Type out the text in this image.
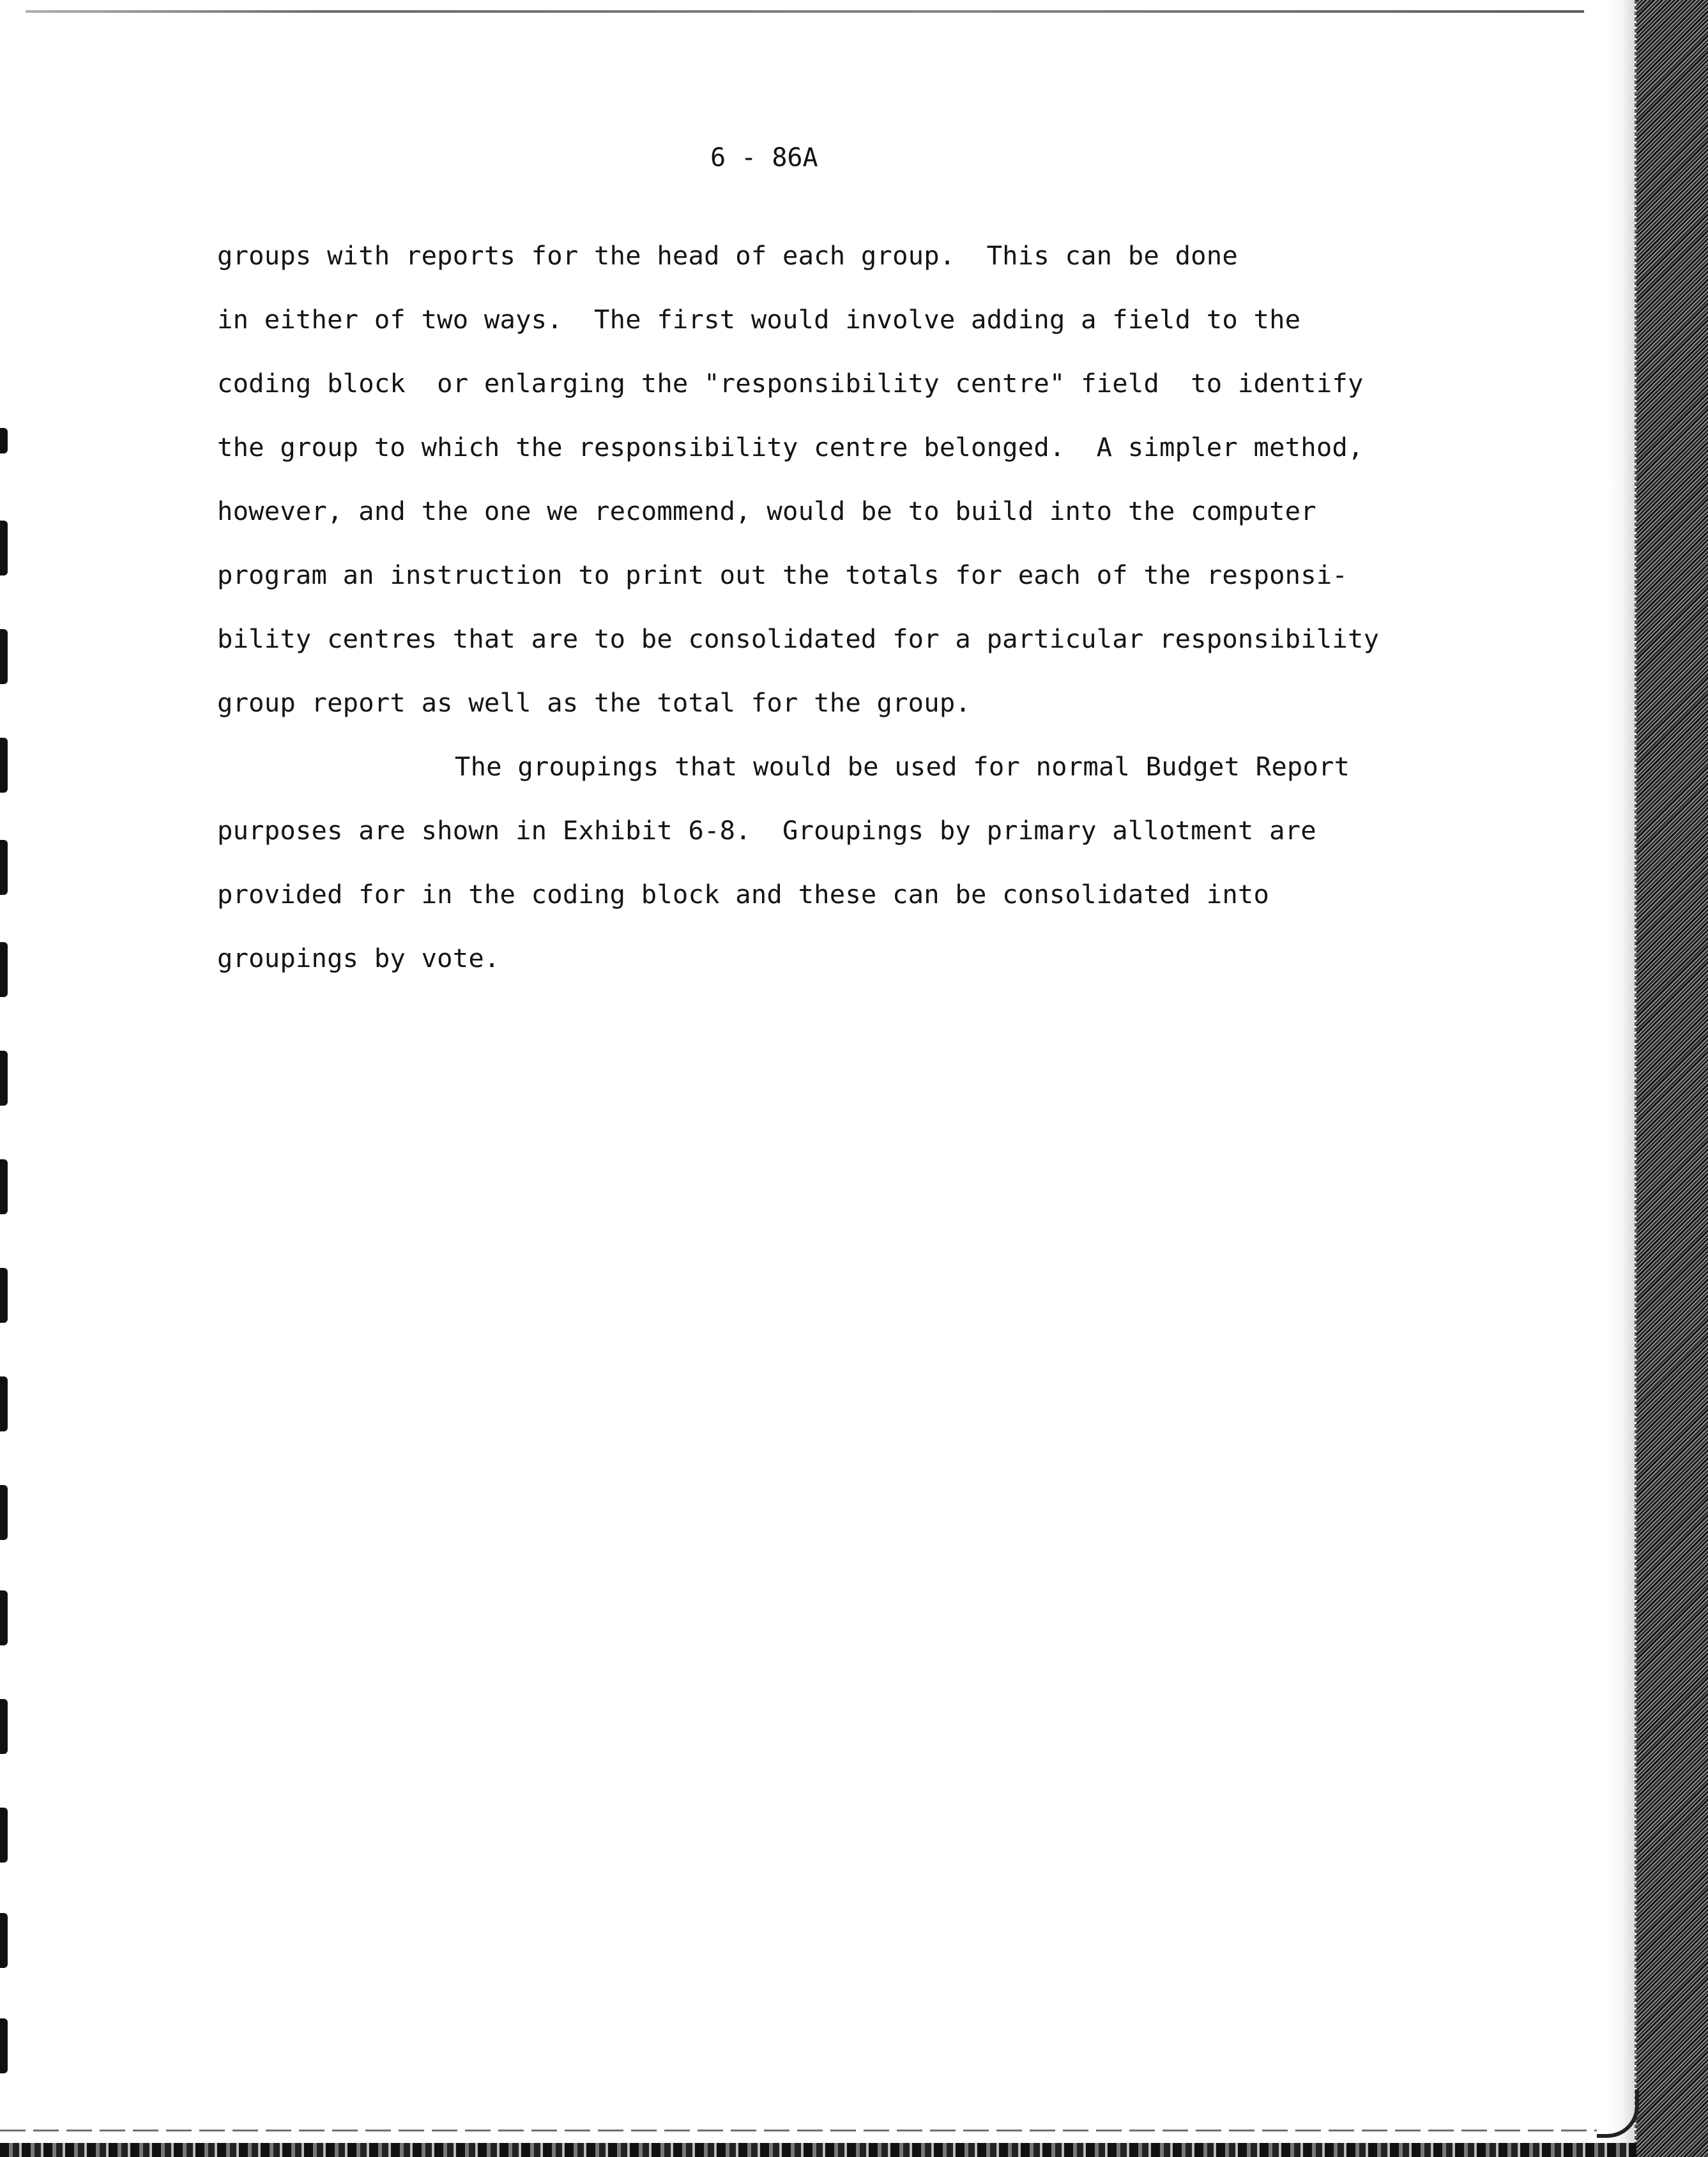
6 - 86A
groups with reports for the head of each group.  This can be done
in either of two ways.  The first would involve adding a field to the
coding block  or enlarging the "responsibility centre" field  to identify
the group to which the responsibility centre belonged.  A simpler method,
however, and the one we recommend, would be to build into the computer
program an instruction to print out the totals for each of the responsi-
bility centres that are to be consolidated for a particular responsibility
group report as well as the total for the group.
The groupings that would be used for normal Budget Report
purposes are shown in Exhibit 6-8.  Groupings by primary allotment are
provided for in the coding block and these can be consolidated into
groupings by vote.
